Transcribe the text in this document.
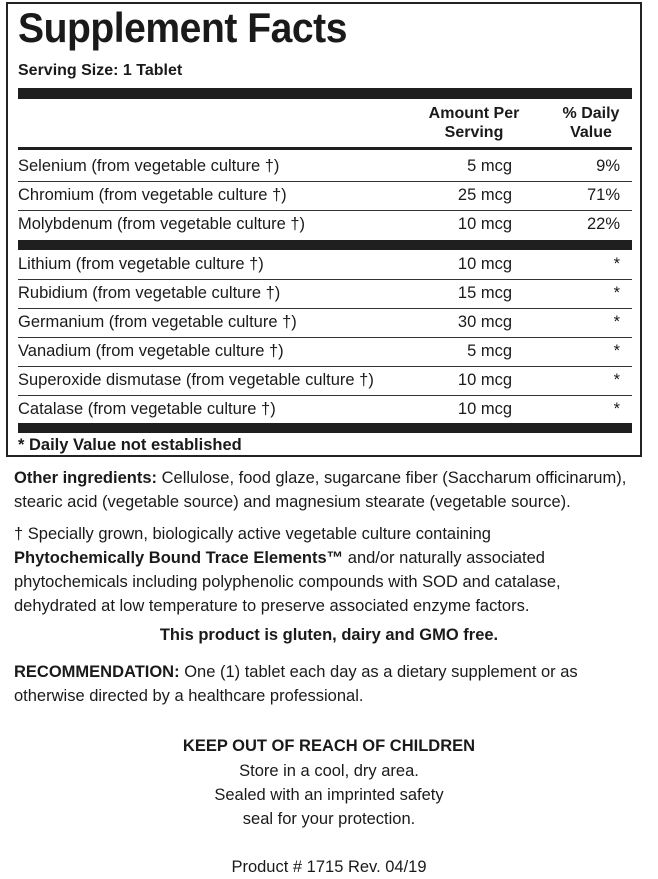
Supplement Facts
Serving Size: 1 Tablet
Amount Per Serving
% Daily Value
Selenium (from vegetable culture †)	5 mcg	9%
Chromium (from vegetable culture †)	25 mcg	71%
Molybdenum (from vegetable culture †)	10 mcg	22%
Lithium (from vegetable culture †)	10 mcg	*
Rubidium (from vegetable culture †)	15 mcg	*
Germanium (from vegetable culture †)	30 mcg	*
Vanadium (from vegetable culture †)	5 mcg	*
Superoxide dismutase (from vegetable culture †)	10 mcg	*
Catalase (from vegetable culture †)	10 mcg	*
* Daily Value not established
Other ingredients: Cellulose, food glaze, sugarcane fiber (Saccharum officinarum), stearic acid (vegetable source) and magnesium stearate (vegetable source).
† Specially grown, biologically active vegetable culture containing
Phytochemically Bound Trace Elements™ and/or naturally associated phytochemicals including polyphenolic compounds with SOD and catalase, dehydrated at low temperature to preserve associated enzyme factors.
This product is gluten, dairy and GMO free.
RECOMMENDATION: One (1) tablet each day as a dietary supplement or as otherwise directed by a healthcare professional.
KEEP OUT OF REACH OF CHILDREN
Store in a cool, dry area.
Sealed with an imprinted safety
seal for your protection.
Product # 1715 Rev. 04/19
